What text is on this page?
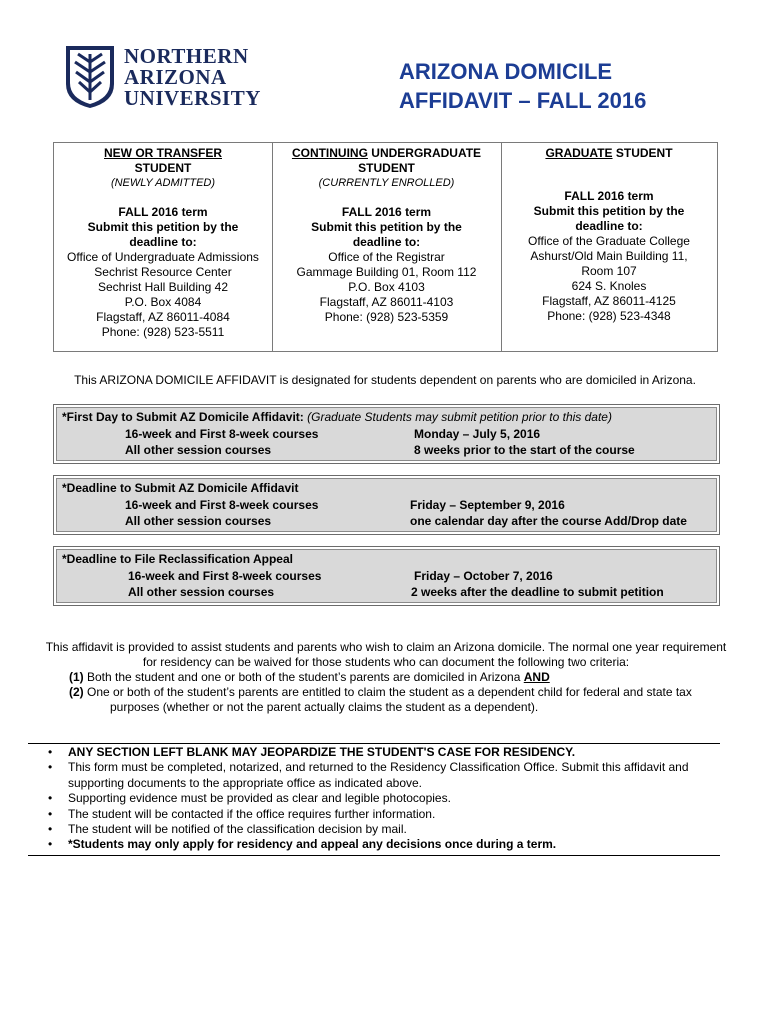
NORTHERN
ARIZONA
UNIVERSITY
ARIZONA DOMICILE
AFFIDAVIT – FALL 2016
NEW OR TRANSFER
STUDENT
(NEWLY ADMITTED)
FALL 2016 term
Submit this petition by the
deadline to:
Office of Undergraduate Admissions
Sechrist Resource Center
Sechrist Hall Building 42
P.O. Box 4084
Flagstaff, AZ 86011-4084
Phone: (928) 523-5511
CONTINUING UNDERGRADUATE
STUDENT
(CURRENTLY ENROLLED)
FALL 2016 term
Submit this petition by the
deadline to:
Office of the Registrar
Gammage Building 01, Room 112
P.O. Box 4103
Flagstaff, AZ 86011-4103
Phone: (928) 523-5359
GRADUATE STUDENT
FALL 2016 term
Submit this petition by the
deadline to:
Office of the Graduate College
Ashurst/Old Main Building 11,
Room 107
624 S. Knoles
Flagstaff, AZ 86011-4125
Phone: (928) 523-4348
This ARIZONA DOMICILE AFFIDAVIT is designated for students dependent on parents who are domiciled in Arizona.
*First Day to Submit AZ Domicile Affidavit: (Graduate Students may submit petition prior to this date)
16-week and First 8-week courses	Monday – July 5, 2016
All other session courses	8 weeks prior to the start of the course
*Deadline to Submit AZ Domicile Affidavit
16-week and First 8-week courses	Friday – September 9, 2016
All other session courses	one calendar day after the course Add/Drop date
*Deadline to File Reclassification Appeal
16-week and First 8-week courses	Friday – October 7, 2016
All other session courses	2 weeks after the deadline to submit petition
This affidavit is provided to assist students and parents who wish to claim an Arizona domicile. The normal one year requirement
for residency can be waived for those students who can document the following two criteria:
(1) Both the student and one or both of the student’s parents are domiciled in Arizona AND
(2) One or both of the student’s parents are entitled to claim the student as a dependent child for federal and state tax
purposes (whether or not the parent actually claims the student as a dependent).
• ANY SECTION LEFT BLANK MAY JEOPARDIZE THE STUDENT'S CASE FOR RESIDENCY.
• This form must be completed, notarized, and returned to the Residency Classification Office. Submit this affidavit and supporting documents to the appropriate office as indicated above.
• Supporting evidence must be provided as clear and legible photocopies.
• The student will be contacted if the office requires further information.
• The student will be notified of the classification decision by mail.
• *Students may only apply for residency and appeal any decisions once during a term.
